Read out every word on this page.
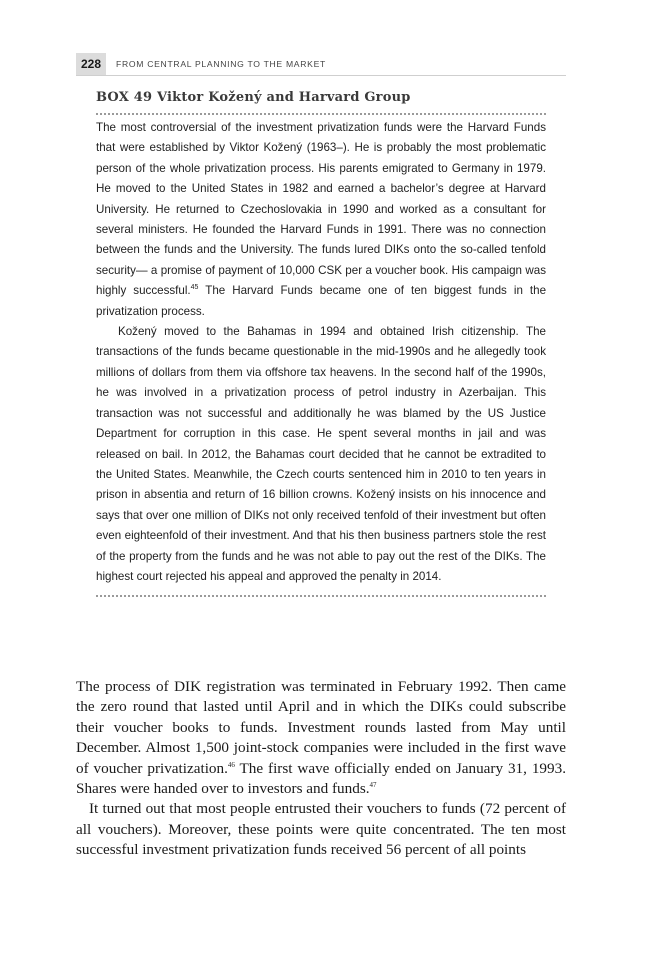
228	FROM CENTRAL PLANNING TO THE MARKET
BOX 49 Viktor Kožený and Harvard Group

The most controversial of the investment privatization funds were the Harvard Funds that were established by Viktor Kožený (1963–). He is probably the most problematic person of the whole privatization process. His parents emigrated to Germany in 1979. He moved to the United States in 1982 and earned a bachelor’s degree at Harvard University. He returned to Czechoslovakia in 1990 and worked as a consultant for several ministers. He founded the Harvard Funds in 1991. There was no connection between the funds and the University. The funds lured DIKs onto the so-called tenfold security— a promise of payment of 10,000 CSK per a voucher book. His campaign was highly successful.$^{45}$ The Harvard Funds became one of ten biggest funds in the privatization process.

Kožený moved to the Bahamas in 1994 and obtained Irish citizenship. The transactions of the funds became questionable in the mid-1990s and he allegedly took millions of dollars from them via offshore tax heavens. In the second half of the 1990s, he was involved in a privatization process of petrol industry in Azerbaijan. This transaction was not successful and additionally he was blamed by the US Justice Department for corruption in this case. He spent several months in jail and was released on bail. In 2012, the Bahamas court decided that he cannot be extradited to the United States. Meanwhile, the Czech courts sentenced him in 2010 to ten years in prison in absentia and return of 16 billion crowns. Kožený insists on his innocence and says that over one million of DIKs not only received tenfold of their investment but often even eighteenfold of their investment. And that his then business partners stole the rest of the property from the funds and he was not able to pay out the rest of the DIKs. The highest court rejected his appeal and approved the penalty in 2014.

The process of DIK registration was terminated in February 1992. Then came the zero round that lasted until April and in which the DIKs could subscribe their voucher books to funds. Investment rounds lasted from May until December. Almost 1,500 joint-stock companies were included in the first wave of voucher privatization.$^{46}$ The first wave officially ended on January 31, 1993. Shares were handed over to investors and funds.$^{47}$

It turned out that most people entrusted their vouchers to funds (72 percent of all vouchers). Moreover, these points were quite concentrated. The ten most successful investment privatization funds received 56 percent of all points
